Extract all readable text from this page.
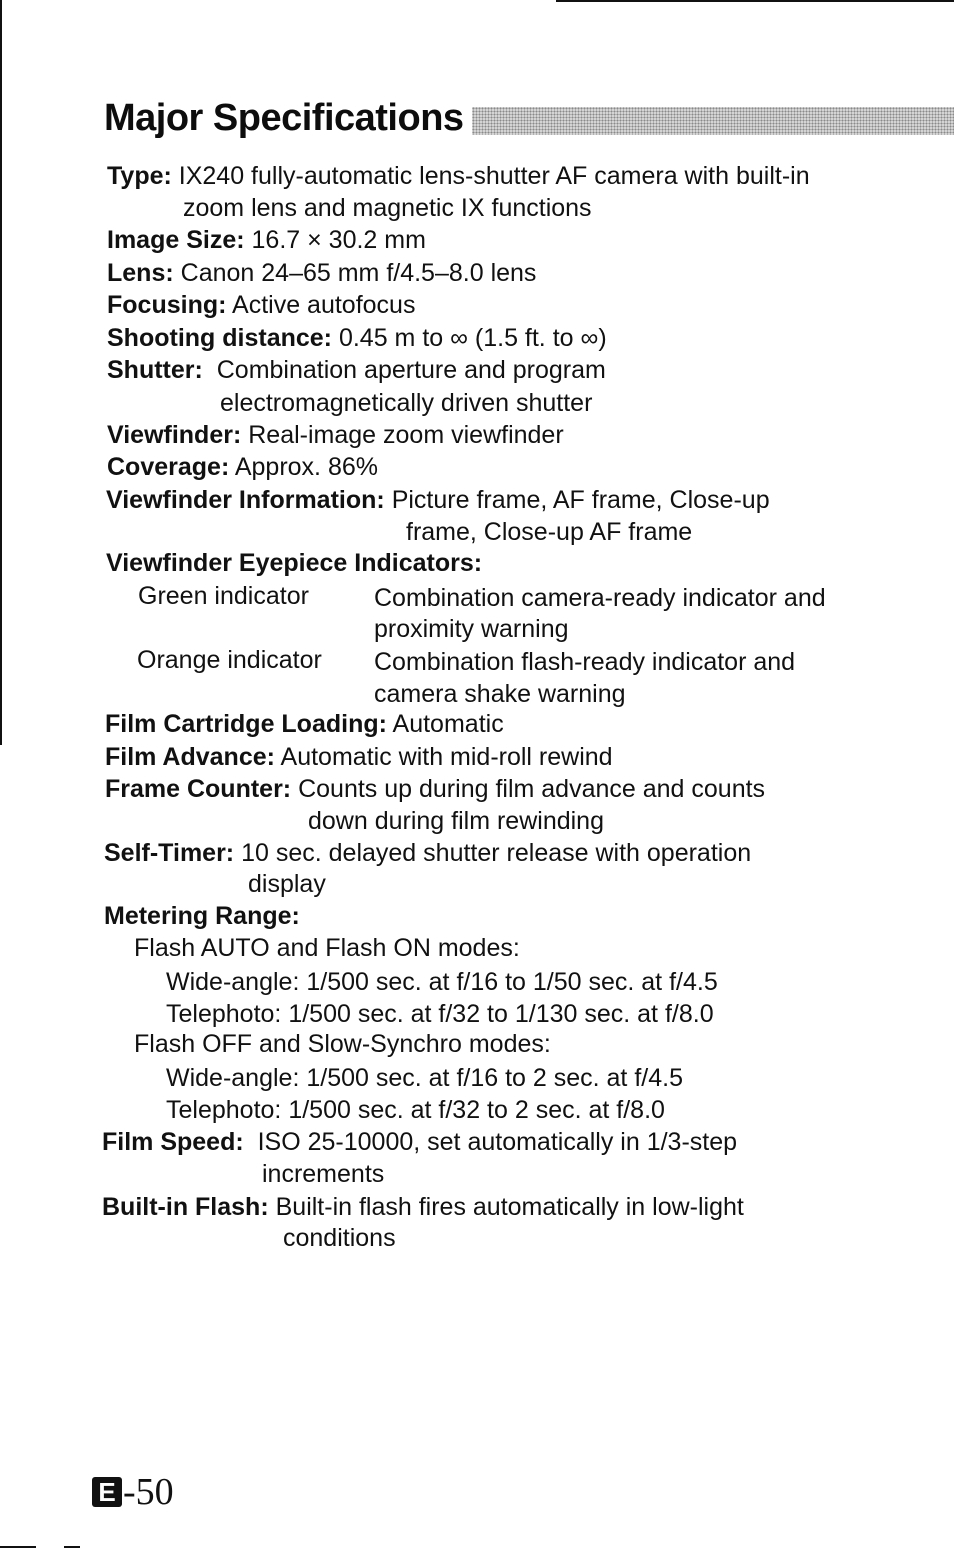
Major Specifications
Type: IX240 fully-automatic lens-shutter AF camera with built-in
zoom lens and magnetic IX functions
Image Size: 16.7 × 30.2 mm
Lens: Canon 24–65 mm f/4.5–8.0 lens
Focusing: Active autofocus
Shooting distance: 0.45 m to ∞ (1.5 ft. to ∞)
Shutter: Combination aperture and program
electromagnetically driven shutter
Viewfinder: Real-image zoom viewfinder
Coverage: Approx. 86%
Viewfinder Information: Picture frame, AF frame, Close-up
frame, Close-up AF frame
Viewfinder Eyepiece Indicators:
Green indicator	Combination camera-ready indicator and
proximity warning
Orange indicator Combination flash-ready indicator and
camera shake warning
Film Cartridge Loading: Automatic
Film Advance: Automatic with mid-roll rewind
Frame Counter: Counts up during film advance and counts
down during film rewinding
Self-Timer: 10 sec. delayed shutter release with operation
display
Metering Range:
Flash AUTO and Flash ON modes:
Wide-angle: 1/500 sec. at f/16 to 1/50 sec. at f/4.5
Telephoto: 1/500 sec. at f/32 to 1/130 sec. at f/8.0
Flash OFF and Slow-Synchro modes:
Wide-angle: 1/500 sec. at f/16 to 2 sec. at f/4.5
Telephoto: 1/500 sec. at f/32 to 2 sec. at f/8.0
Film Speed: ISO 25-10000, set automatically in 1/3-step
increments
Built-in Flash: Built-in flash fires automatically in low-light
conditions
E -50
